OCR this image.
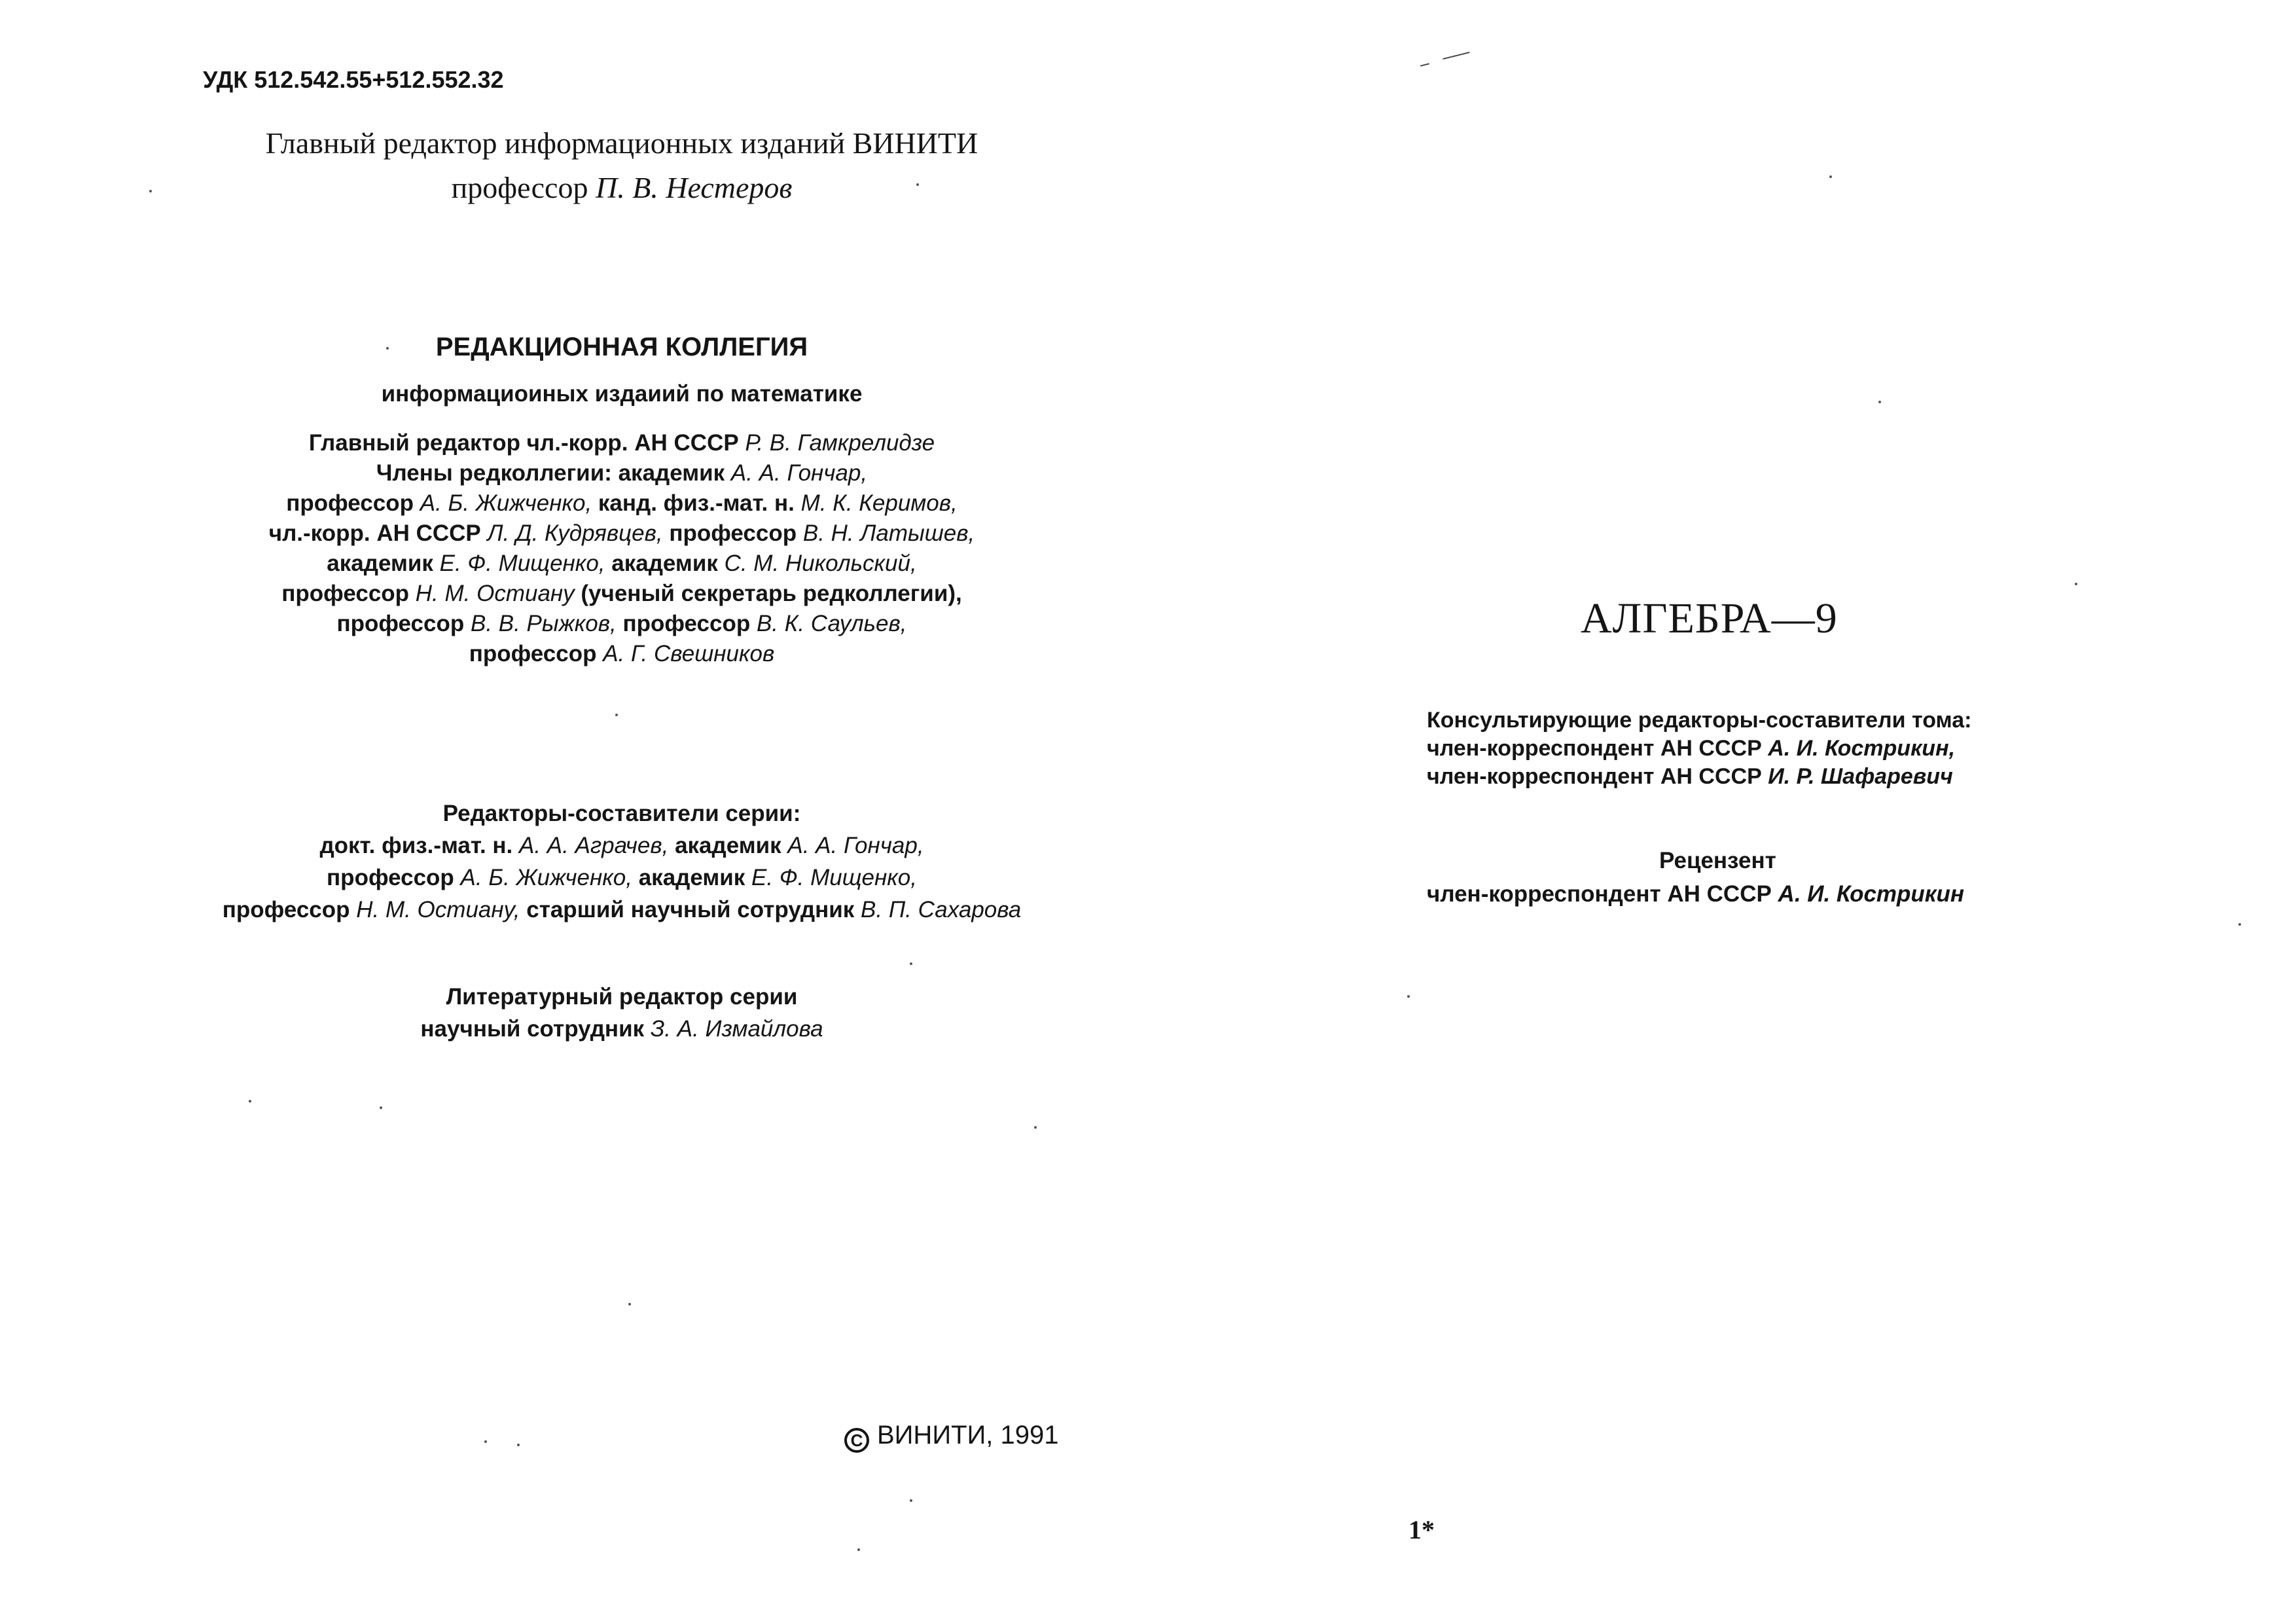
УДК 512.542.55+512.552.32
Главный редактор информационных изданий ВИНИТИ
профессор П. В. Нестеров
РЕДАКЦИОННАЯ КОЛЛЕГИЯ
информациоиных издаиий по математике
Главный редактор чл.-корр. АН СССР Р. В. Гамкрелидзе
Члены редколлегии: академик А. А. Гончар,
профессор А. Б. Жижченко, канд. физ.-мат. н. М. К. Керимов,
чл.-корр. АН СССР Л. Д. Кудрявцев, профессор В. Н. Латышев,
академик Е. Ф. Мищенко, академик С. М. Никольский,
профессор Н. М. Остиану (ученый секретарь редколлегии),
профессор В. В. Рыжков, профессор В. К. Саульев,
профессор А. Г. Свешников
Редакторы-составители серии:
докт. физ.-мат. н. А. А. Аграчев, академик А. А. Гончар,
профессор А. Б. Жижченко, академик Е. Ф. Мищенко,
профессор Н. М. Остиану, старший научный сотрудник В. П. Сахарова
Литературный редактор серии
научный сотрудник З. А. Измайлова
C ВИНИТИ, 1991
АЛГЕБРА—9
Консультирующие редакторы-составители тома:
член-корреспондент АН СССР А. И. Кострикин,
член-корреспондент АН СССР И. Р. Шафаревич
Рецензент
член-корреспондент АН СССР А. И. Кострикин
1*
